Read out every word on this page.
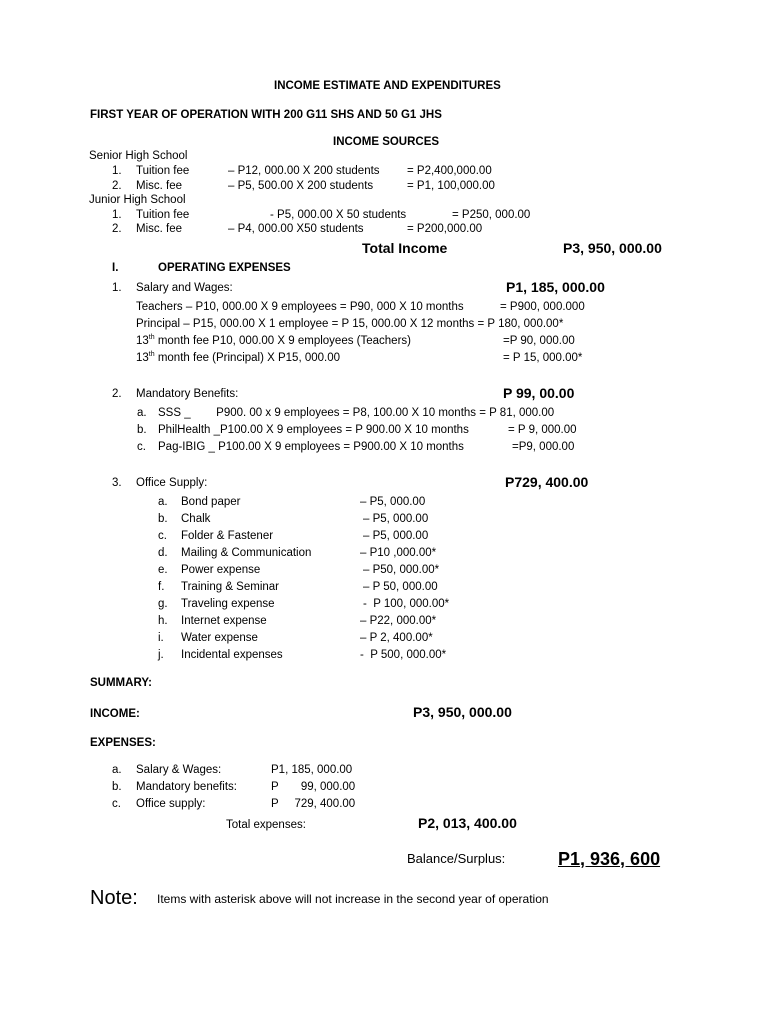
INCOME ESTIMATE AND EXPENDITURES
FIRST YEAR OF OPERATION WITH 200 G11 SHS AND 50 G1 JHS
INCOME SOURCES
Senior High School
1. Tuition fee	– P12, 000.00 X 200 students = P2,400,000.00
2. Misc. fee	– P5, 500.00 X 200 students	= P1, 100,000.00
Junior High School
1. Tuition fee	- P5, 000.00 X 50 students	= P250, 000.00
2. Misc. fee	– P4, 000.00 X50 students	= P200,000.00
Total Income	P3, 950, 000.00
I.	OPERATING EXPENSES
1. Salary and Wages:	P1, 185, 000.00
Teachers – P10, 000.00 X 9 employees = P90, 000 X 10 months	= P900, 000.000
Principal – P15, 000.00 X 1 employee = P 15, 000.00 X 12 months = P 180, 000.00*
13th month fee P10, 000.00 X 9 employees (Teachers)	=P 90, 000.00
13th month fee (Principal) X P15, 000.00	= P 15, 000.00*
2. Mandatory Benefits:	P 99, 00.00
a. SSS _        P900. 00 x 9 employees = P8, 100.00 X 10 months = P 81, 000.00
b. PhilHealth _P100.00 X 9 employees = P 900.00 X 10 months	= P 9, 000.00
c. Pag-IBIG _ P100.00 X 9 employees = P900.00 X 10 months	=P9, 000.00
3. Office Supply:	P729, 400.00
a. Bond paper	– P5, 000.00
b. Chalk	– P5, 000.00
c. Folder & Fastener	– P5, 000.00
d. Mailing & Communication	– P10 ,000.00*
e. Power expense	– P50, 000.00*
f. Training & Seminar	– P 50, 000.00
g. Traveling expense	-  P 100, 000.00*
h. Internet expense	– P22, 000.00*
i. Water expense	– P 2, 400.00*
j. Incidental expenses	-  P 500, 000.00*
SUMMARY:
INCOME:	P3, 950, 000.00
EXPENSES:
a. Salary & Wages:	P1, 185, 000.00
b. Mandatory benefits:	P       99, 000.00
c. Office supply:	P     729, 400.00
Total expenses:	P2, 013, 400.00
Balance/Surplus:	P1, 936, 600
Note: Items with asterisk above will not increase in the second year of operation
